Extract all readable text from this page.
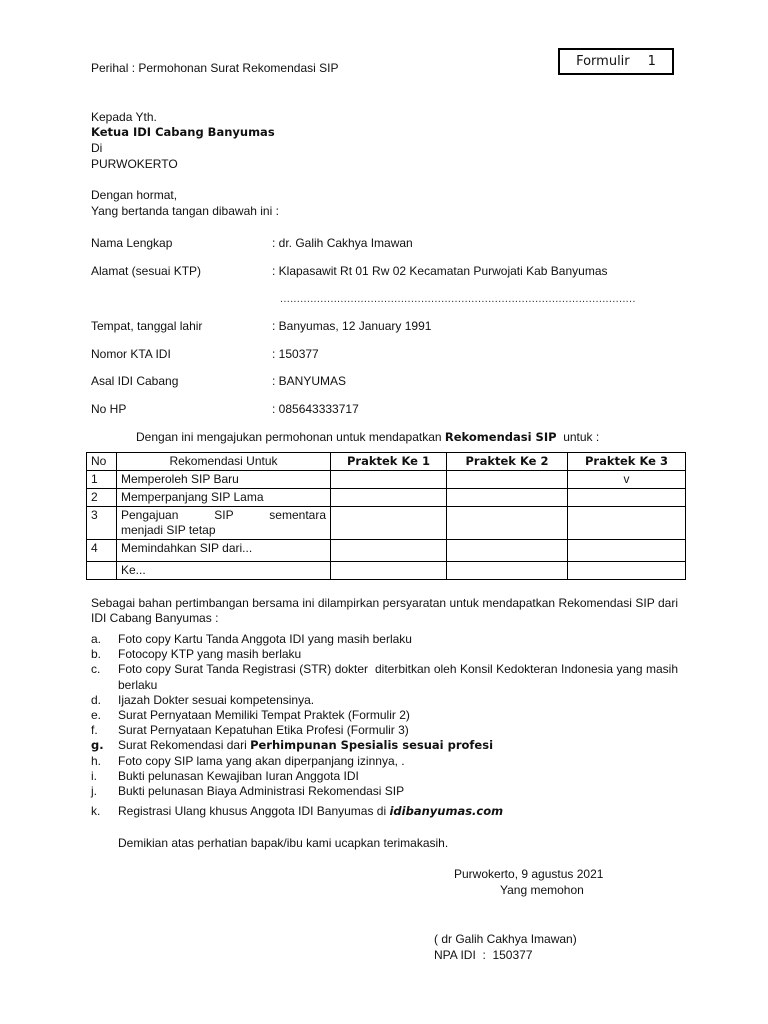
Formulir 1
Perihal : Permohonan Surat Rekomendasi SIP
Kepada Yth.
Ketua IDI Cabang Banyumas
Di
PURWOKERTO
Dengan hormat,
Yang bertanda tangan dibawah ini :
Nama Lengkap	: dr. Galih Cakhya Imawan
Alamat (sesuai KTP)	: Klapasawit Rt 01 Rw 02 Kecamatan Purwojati Kab Banyumas
..........................................................................................................
Tempat, tanggal lahir	: Banyumas, 12 January 1991
Nomor KTA IDI	: 150377
Asal IDI Cabang	: BANYUMAS
No HP	: 085643333717
Dengan ini mengajukan permohonan untuk mendapatkan Rekomendasi SIP  untuk :
No	Rekomendasi Untuk	Praktek Ke 1	Praktek Ke 2	Praktek Ke 3
1	Memperoleh SIP Baru			v
2	Memperpanjang SIP Lama			
3	Pengajuan SIP sementara
menjadi SIP tetap			

4	Memindahkan SIP dari...			
	Ke...			
Sebagai bahan pertimbangan bersama ini dilampirkan persyaratan untuk mendapatkan Rekomendasi SIP dari IDI Cabang Banyumas :
a. Foto copy Kartu Tanda Anggota IDI yang masih berlaku
b. Fotocopy KTP yang masih berlaku
c. Foto copy Surat Tanda Registrasi (STR) dokter  diterbitkan oleh Konsil Kedokteran Indonesia yang masih berlaku
d. Ijazah Dokter sesuai kompetensinya.
e. Surat Pernyataan Memiliki Tempat Praktek (Formulir 2)
f. Surat Pernyataan Kepatuhan Etika Profesi (Formulir 3)
g. Surat Rekomendasi dari Perhimpunan Spesialis sesuai profesi
h. Foto copy SIP lama yang akan diperpanjang izinnya, .
i. Bukti pelunasan Kewajiban Iuran Anggota IDI
j. Bukti pelunasan Biaya Administrasi Rekomendasi SIP
k. Registrasi Ulang khusus Anggota IDI Banyumas di idibanyumas.com
Demikian atas perhatian bapak/ibu kami ucapkan terimakasih.
Purwokerto, 9 agustus 2021
Yang memohon
( dr Galih Cakhya Imawan)
NPA IDI  :  150377
